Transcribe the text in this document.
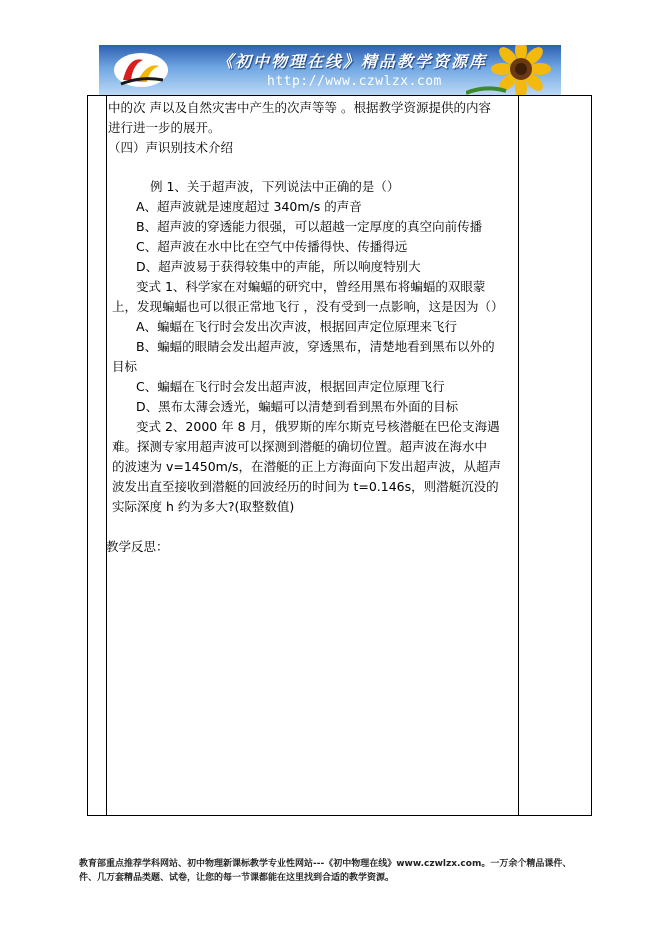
《初中物理在线》精品教学资源库
http://www.czwlzx.com
中的次 声以及自然灾害中产生的次声等等 。根据教学资源提供的内容
进行进一步的展开。
（四）声识别技术介绍
例 1、关于超声波，下列说法中正确的是（）
A、超声波就是速度超过 340m/s 的声音
B、超声波的穿透能力很强，可以超越一定厚度的真空向前传播
C、超声波在水中比在空气中传播得快、传播得远
D、超声波易于获得较集中的声能，所以响度特别大
变式 1、科学家在对蝙蝠的研究中，曾经用黑布将蝙蝠的双眼蒙
上，发现蝙蝠也可以很正常地飞行 ，没有受到一点影响，这是因为（）
A、蝙蝠在飞行时会发出次声波，根据回声定位原理来飞行
B、蝙蝠的眼睛会发出超声波，穿透黑布，清楚地看到黑布以外的
目标
C、蝙蝠在飞行时会发出超声波，根据回声定位原理飞行
D、黑布太薄会透光，蝙蝠可以清楚到看到黑布外面的目标
变式 2、2000 年 8 月，俄罗斯的库尔斯克号核潜艇在巴伦支海遇
难。探测专家用超声波可以探测到潜艇的确切位置。超声波在海水中
的波速为 v=1450m/s，在潜艇的正上方海面向下发出超声波，从超声
波发出直至接收到潜艇的回波经历的时间为 t=0.146s，则潜艇沉没的
实际深度 h 约为多大?(取整数值)
教学反思：
教育部重点推荐学科网站、初中物理新课标教学专业性网站---《初中物理在线》www.czwlzx.com。一万余个精品课件、
件、几万套精品类题、试卷，让您的每一节课都能在这里找到合适的教学资源。
